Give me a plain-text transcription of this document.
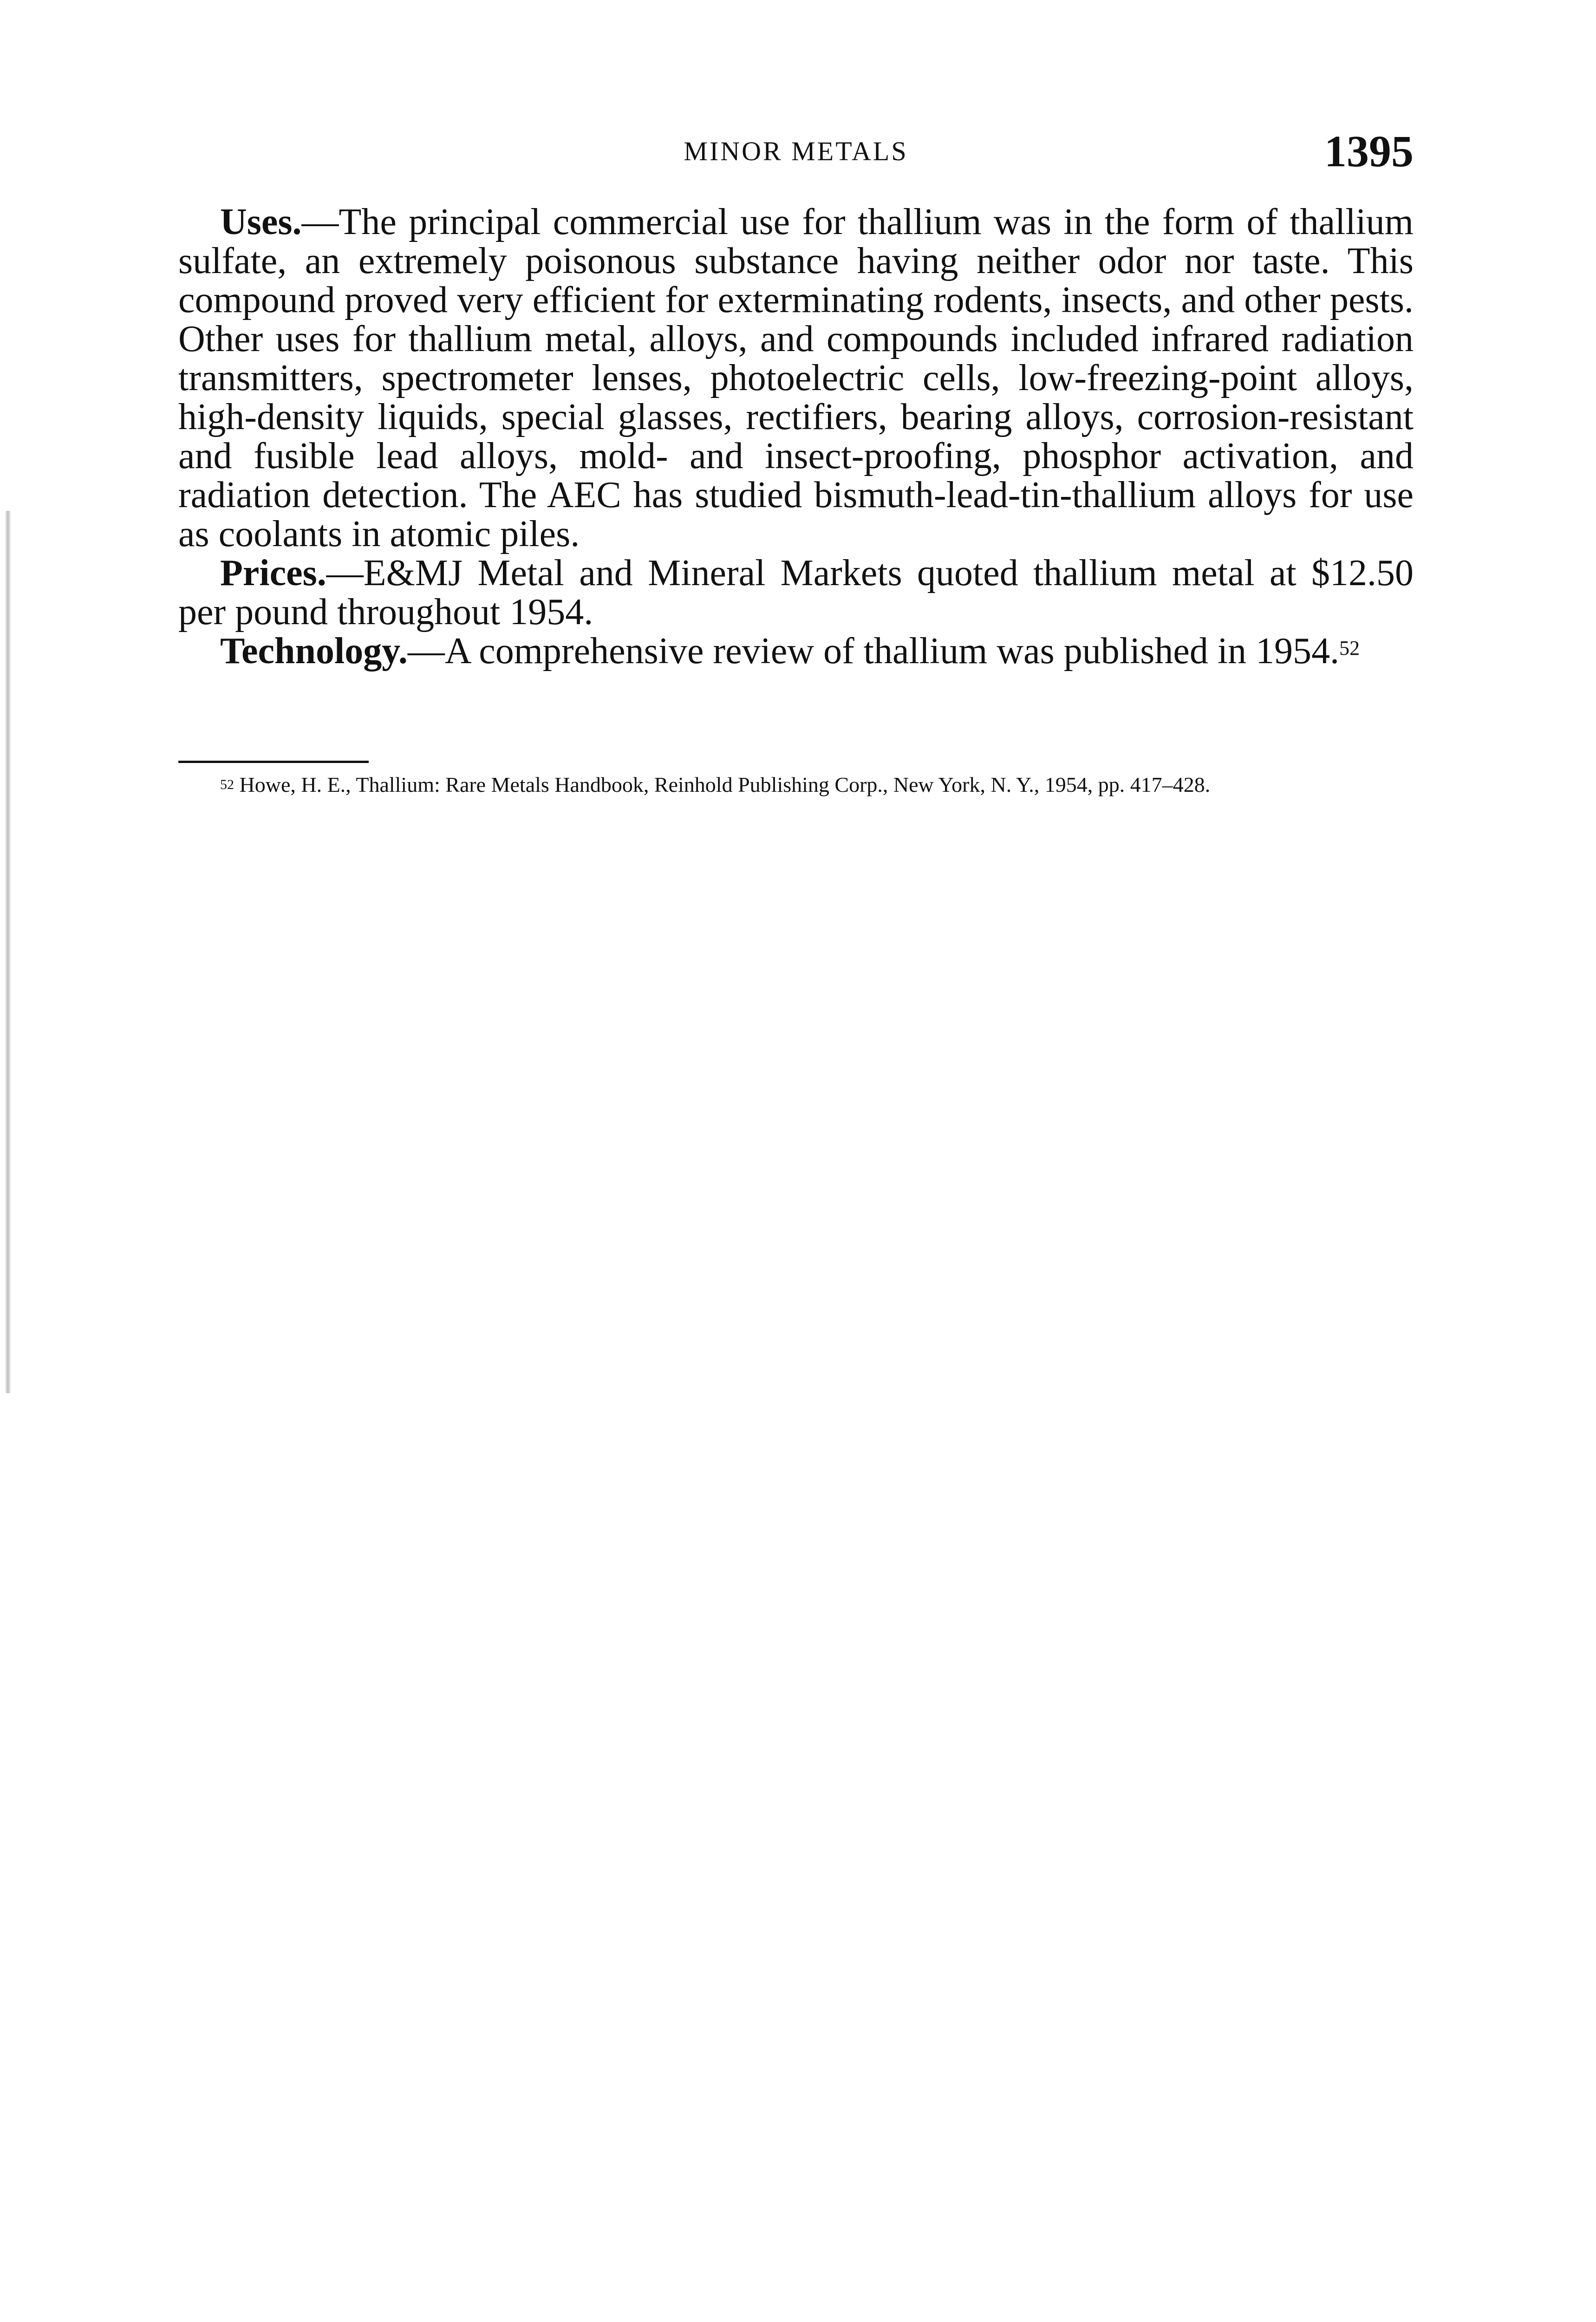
MINOR METALS	1395

Uses.—The principal commercial use for thallium was in the form of thallium sulfate, an extremely poisonous substance having neither odor nor taste. This compound proved very efficient for exterminating rodents, insects, and other pests. Other uses for thallium metal, alloys, and compounds included infrared radiation transmitters, spectrometer lenses, photoelectric cells, low-freezing-point alloys, high-density liquids, special glasses, rectifiers, bearing alloys, corrosion-resistant and fusible lead alloys, mold- and insect-proofing, phosphor activation, and radiation detection. The AEC has studied bismuth-lead-tin-thallium alloys for use as coolants in atomic piles.

Prices.—E&MJ Metal and Mineral Markets quoted thallium metal at $12.50 per pound throughout 1954.

Technology.—A comprehensive review of thallium was published in 1954.52

$^{52}$ Howe, H. E., Thallium: Rare Metals Handbook, Reinhold Publishing Corp., New York, N. Y., 1954, pp. 417–428.
